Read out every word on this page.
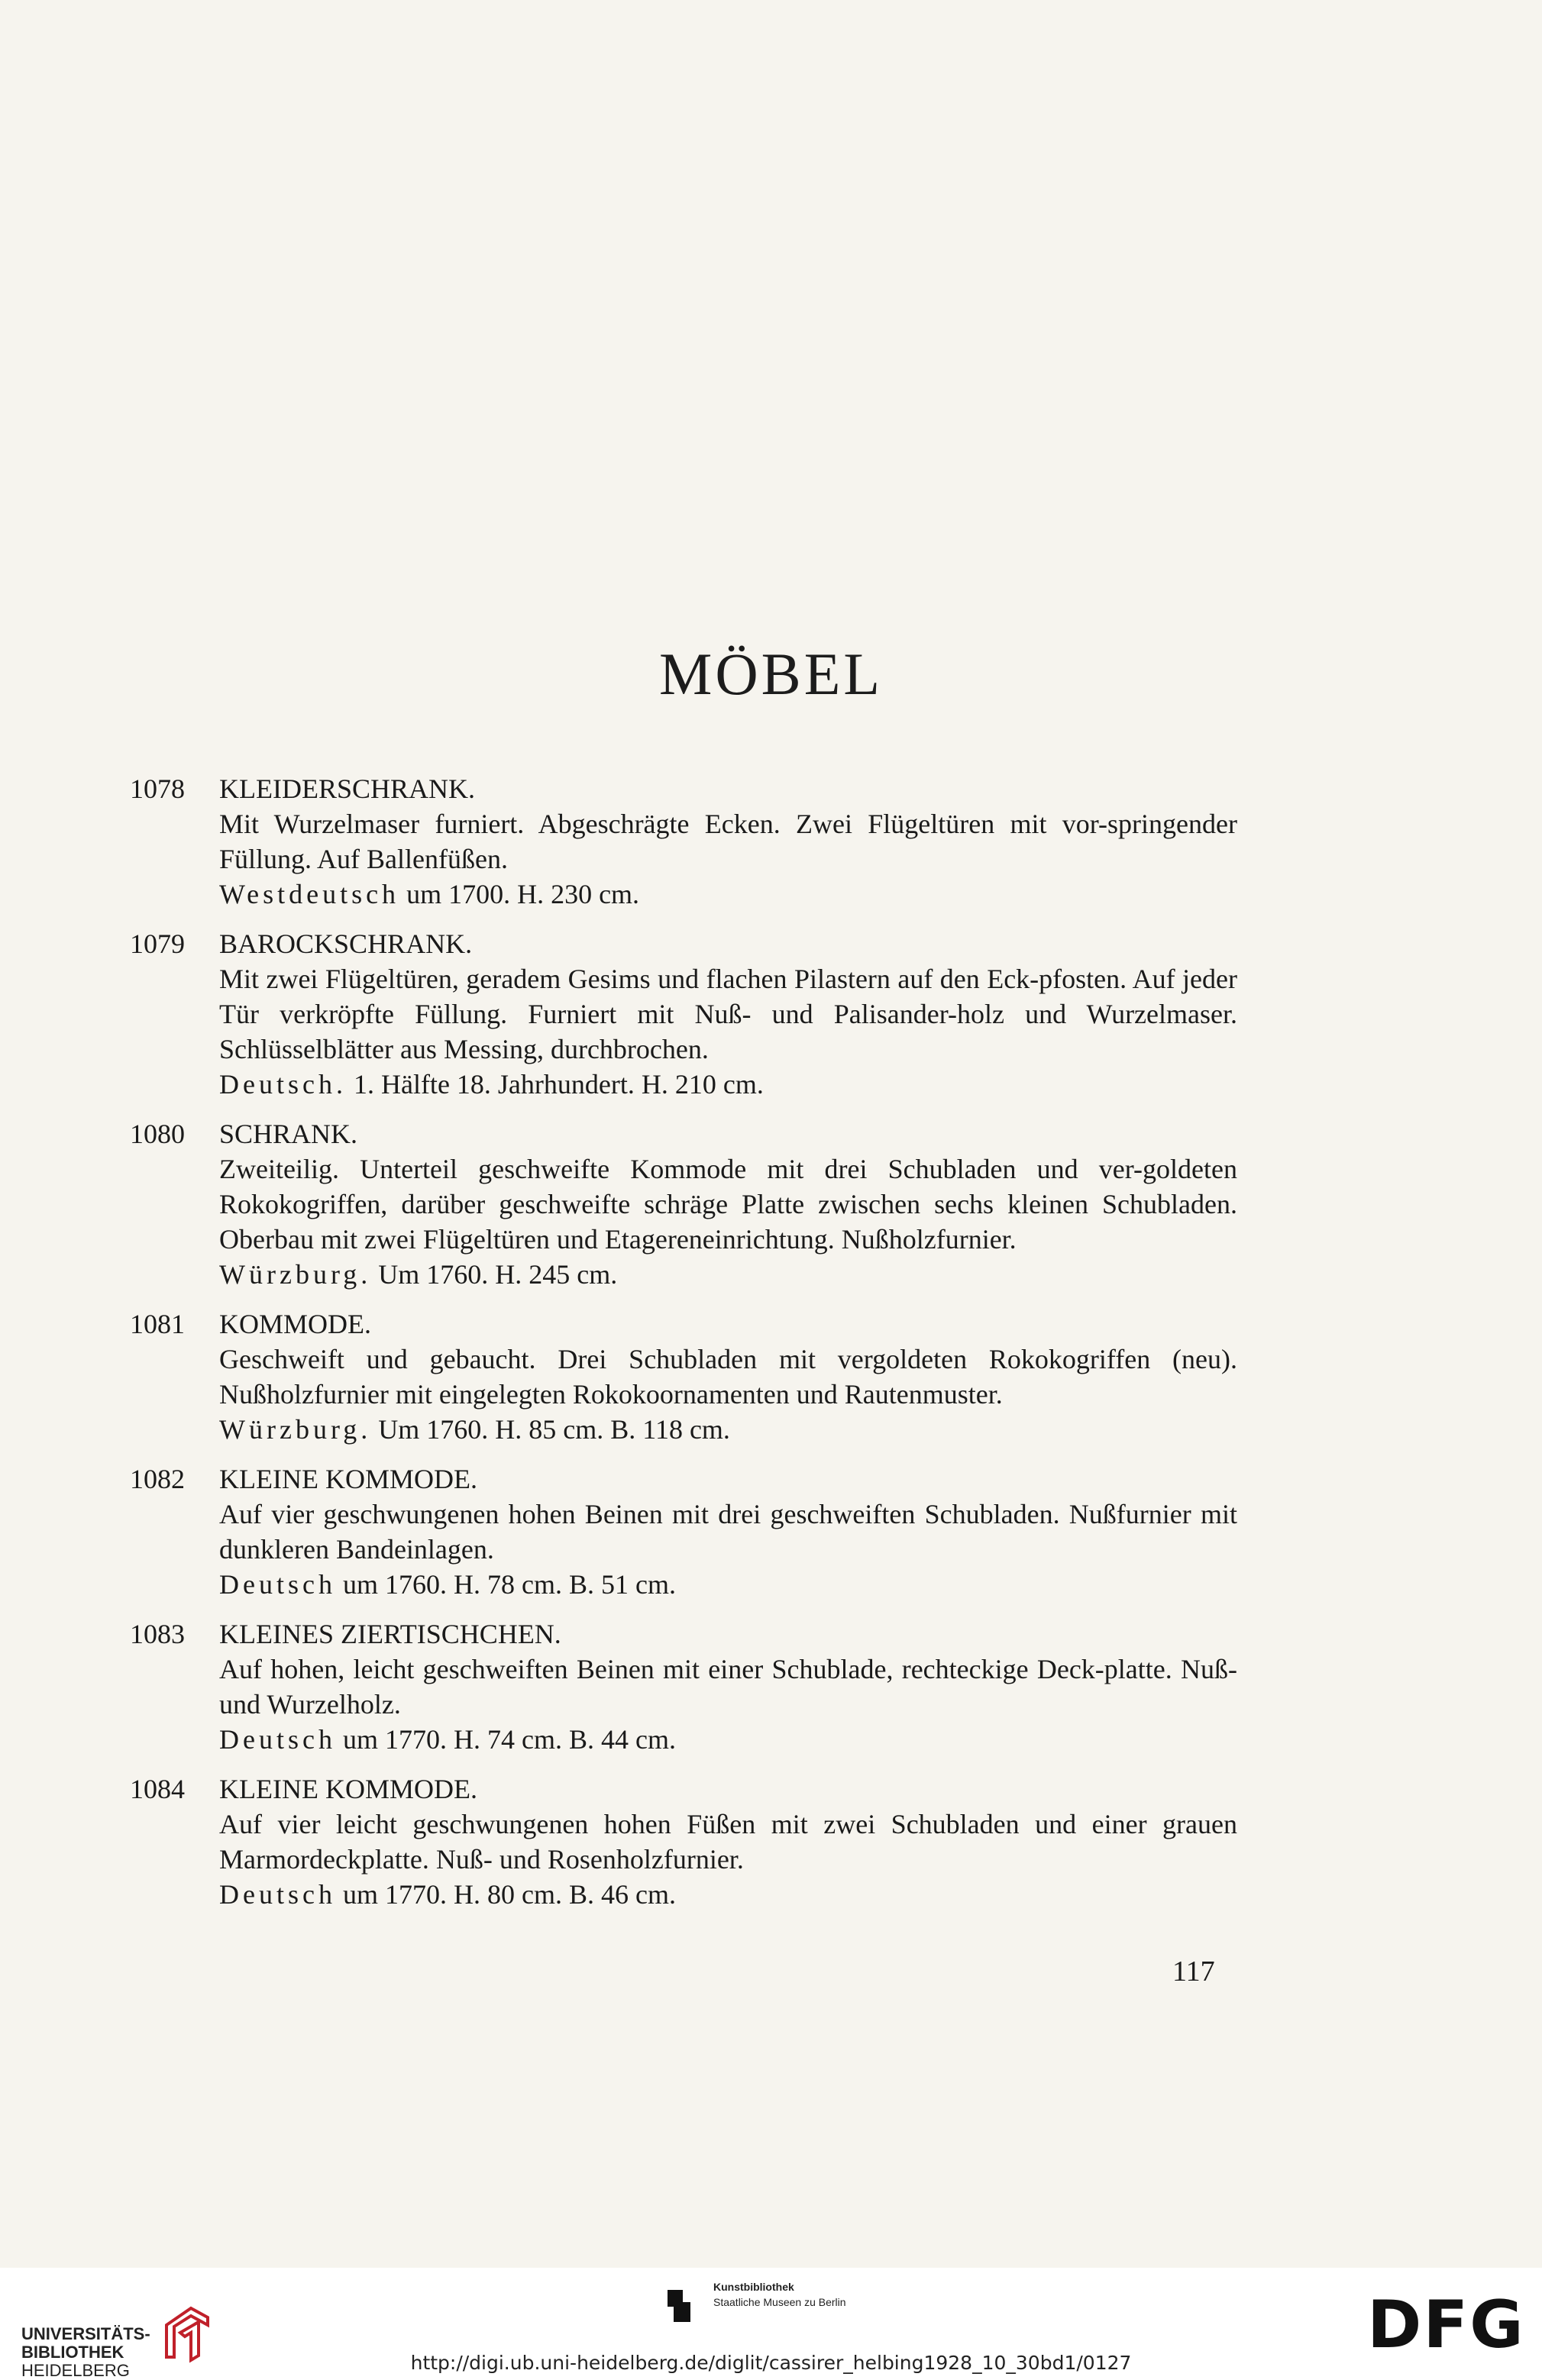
MÖBEL
1078 KLEIDERSCHRANK.
Mit Wurzelmaser furniert. Abgeschrägte Ecken. Zwei Flügeltüren mit vor-springender Füllung. Auf Ballenfüßen.
Westdeutsch um 1700. H. 230 cm.
1079 BAROCKSCHRANK.
Mit zwei Flügeltüren, geradem Gesims und flachen Pilastern auf den Eck-pfosten. Auf jeder Tür verkröpfte Füllung. Furniert mit Nuß- und Palisander-holz und Wurzelmaser. Schlüsselblätter aus Messing, durchbrochen.
Deutsch. 1. Hälfte 18. Jahrhundert. H. 210 cm.
1080 SCHRANK.
Zweiteilig. Unterteil geschweifte Kommode mit drei Schubladen und ver-goldeten Rokokogriffen, darüber geschweifte schräge Platte zwischen sechs kleinen Schubladen. Oberbau mit zwei Flügeltüren und Etagereneinrichtung. Nußholzfurnier.
Würzburg. Um 1760. H. 245 cm.
1081 KOMMODE.
Geschweift und gebaucht. Drei Schubladen mit vergoldeten Rokokogriffen (neu). Nußholzfurnier mit eingelegten Rokokoornamenten und Rautenmuster.
Würzburg. Um 1760. H. 85 cm. B. 118 cm.
1082 KLEINE KOMMODE.
Auf vier geschwungenen hohen Beinen mit drei geschweiften Schubladen. Nußfurnier mit dunkleren Bandeinlagen.
Deutsch um 1760. H. 78 cm. B. 51 cm.
1083 KLEINES ZIERTISCHCHEN.
Auf hohen, leicht geschweiften Beinen mit einer Schublade, rechteckige Deck-platte. Nuß- und Wurzelholz.
Deutsch um 1770. H. 74 cm. B. 44 cm.
1084 KLEINE KOMMODE.
Auf vier leicht geschwungenen hohen Füßen mit zwei Schubladen und einer grauen Marmordeckplatte. Nuß- und Rosenholzfurnier.
Deutsch um 1770. H. 80 cm. B. 46 cm.
117
UNIVERSITÄTS-
BIBLIOTHEK
HEIDELBERG
Kunstbibliothek
Staatliche Museen zu Berlin	DFG
http://digi.ub.uni-heidelberg.de/diglit/cassirer_helbing1928_10_30bd1/0127
